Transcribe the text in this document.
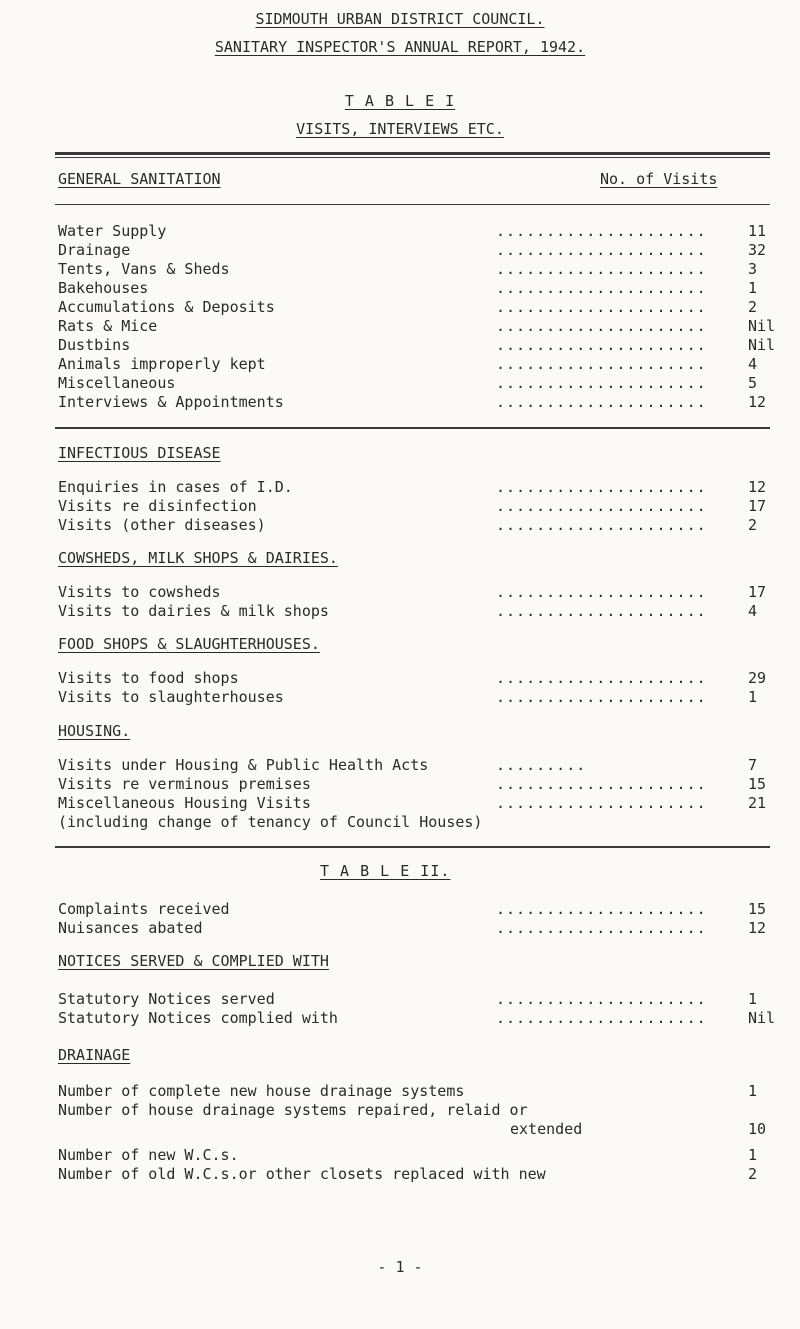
SIDMOUTH URBAN DISTRICT COUNCIL.
SANITARY INSPECTOR'S ANNUAL REPORT, 1942.
T A B L E I
VISITS, INTERVIEWS ETC.
GENERAL SANITATION	No. of Visits
Water Supply	.....................	11
Drainage	.....................	32
Tents, Vans & Sheds	.....................	3
Bakehouses	.....................	1
Accumulations & Deposits	.....................	2
Rats & Mice	.....................	Nil
Dustbins	.....................	Nil
Animals improperly kept	.....................	4
Miscellaneous	.....................	5
Interviews & Appointments	.....................	12
INFECTIOUS DISEASE
Enquiries in cases of I.D.	.....................	12
Visits re disinfection	.....................	17
Visits (other diseases)	.....................	2
COWSHEDS, MILK SHOPS & DAIRIES.
Visits to cowsheds	.....................	17
Visits to dairies & milk shops	.....................	4
FOOD SHOPS & SLAUGHTERHOUSES.
Visits to food shops	.....................	29
Visits to slaughterhouses	.....................	1
HOUSING.
Visits under Housing & Public Health Acts	.........	7
Visits re verminous premises	.....................	15
Miscellaneous Housing Visits	.....................	21
(including change of tenancy of Council Houses)
T A B L E II.
Complaints received	.....................	15
Nuisances abated	.....................	12
NOTICES SERVED & COMPLIED WITH
Statutory Notices served	.....................	1
Statutory Notices complied with	.....................	Nil
DRAINAGE
Number of complete new house drainage systems	1
Number of house drainage systems repaired, relaid or
extended	10
Number of new W.C.s.	1
Number of old W.C.s.or other closets replaced with new	2
- 1 -
